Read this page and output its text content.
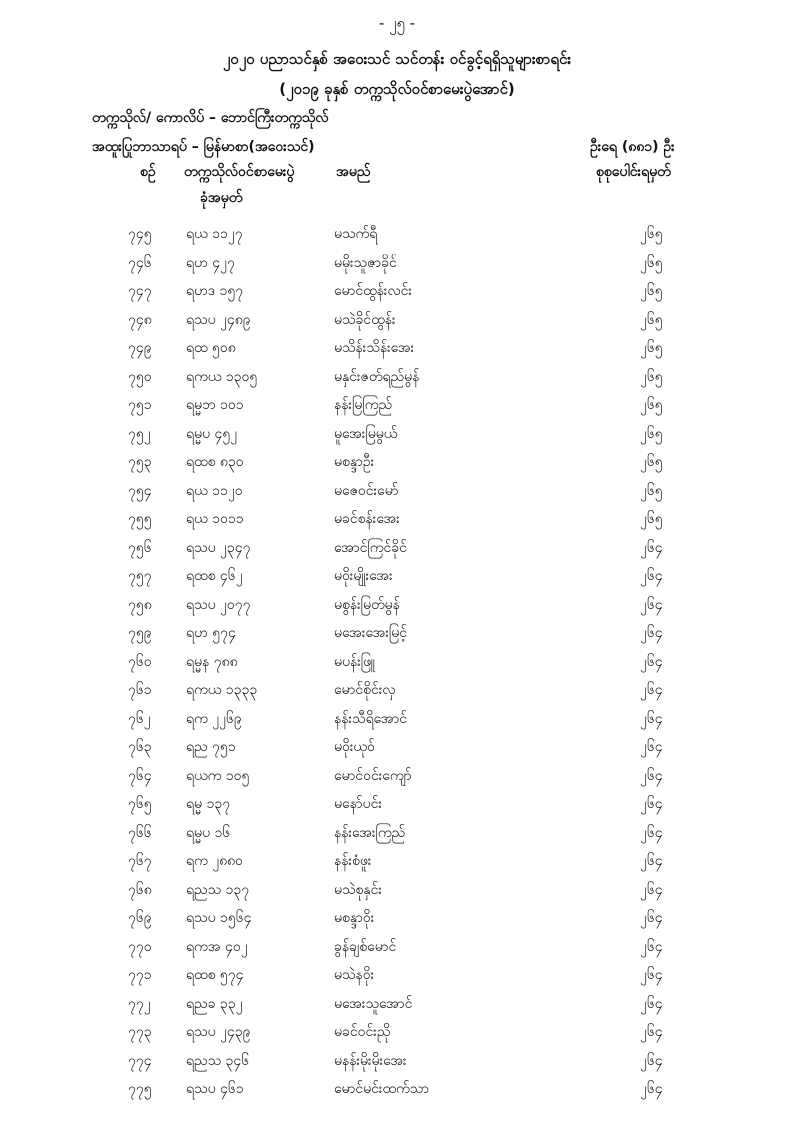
- ၂၅ -
၂၀၂၀ ပညာသင်နှစ် အဝေးသင် သင်တန်း ဝင်ခွင့်ရရှိသူများစာရင်း
(၂၀၁၉ ခုနှစ် တက္ကသိုလ်ဝင်စာမေးပွဲအောင်)
တက္ကသိုလ်/ ကောလိပ် – ဘောင်ကြီးတက္ကသိုလ်
အထူးပြုဘာသာရပ် – မြန်မာစာ(အဝေးသင်)	ဦးရေ (၈၈၁) ဦး
စဉ် တက္ကသိုလ်ဝင်စာမေးပွဲ
ခုံအမှတ်
အမည်	စုစုပေါင်းရမှတ်
၇၄၅ ရယ ၁၁၂၇	မသက်ရီ	၂၆၅
၇၄၆ ရဟ ၄၂၇	မမိုးသူဇာခိုင်	၂၆၅
၇၄၇ ရဟဒ ၁၅၇	မောင်ထွန်းလင်း	၂၆၅
၇၄၈ ရသပ ၂၄၈၉	မသဲခိုင်ထွန်း	၂၆၅
၇၄၉ ရထ ၅၀၈	မသိန်းသိန်းအေး	၂၆၅
၇၅၀ ရကယ ၁၃၀၅	မနှင်းဇတ်ရည်မွန်	၂၆၅
၇၅၁ ရမ္မဘ ၁၀၁	နန်းမြကြည်	၂၆၅
၇၅၂	ရမ္မပ ၄၅၂	မူအေးမြမွယ်	၂၆၅
၇၅၃ ရထစ ၈၃၀	မစန္ဒာဦး	၂၆၅
၇၅၄ ရယ ၁၁၂၀	မဇေဝင်းမော်	၂၆၅
၇၅၅ ရယ ၁၀၁၁	မခင်စန်းအေး	၂၆၅
၇၅၆ ရသပ ၂၃၄၇	အောင်ကြင်ခိုင်	၂၆၄
၇၅၇ ရထစ ၄၆၂	မဝိုးမျိုးအေး	၂၆၄
၇၅၈ ရသပ ၂၀၇၇	မစွန်းမြတ်မွန်	၂၆၄
၇၅၉ ရဟ ၅၇၄	မအေးအေးမြင့်	၂၆၄
၇၆၀ ရမ္မန ၇၈၈	မပန်းဖြူ	၂၆၄
၇၆၁ ရကယ ၁၃၃၃	မောင်စိုင်းလှ	၂၆၄
၇၆၂	ရက ၂၂၆၉	နန်းသီရိအောင်	၂၆၄
၇၆၃ ရည ၇၅၁	မဝိုးယုဝ်	၂၆၄
၇၆၄ ရယက ၁၀၅	မောင်ဝင်းကျော်	၂၆၄
၇၆၅ ရမ္မ ၁၃၇	မနော်ပင်း	၂၆၄
၇၆၆ ရမ္မပ ၁၆	နန်းအေးကြည်	၂၆၄
၇၆၇ ရက ၂၈၈၀	နန်းစံဖူး	၂၆၄
၇၆၈ ရညသ ၁၃၇	မသဲစုနှင်း	၂၆၄
၇၆၉ ရသပ ၁၅၆၄	မစန္ဒာဝိုး	၂၆၄
၇၇၀ ရကအ ၄၀၂	ခွန်ချစ်မောင်	၂၆၄
၇၇၁ ရထစ ၅၇၄	မသဲနဝိုး	၂၆၄
၇၇၂	ရညခ ၃၃၂	မအေးသူအောင်	၂၆၄
၇၇၃ ရသပ ၂၄၃၉	မခင်ဝင်းညို	၂၆၄
၇၇၄ ရညသ ၃၄၆	မနန်းမိုးမိုးအေး	၂၆၄
၇၇၅ ရသပ ၄၆၁	မောင်မင်းထက်သာ	၂၆၄
